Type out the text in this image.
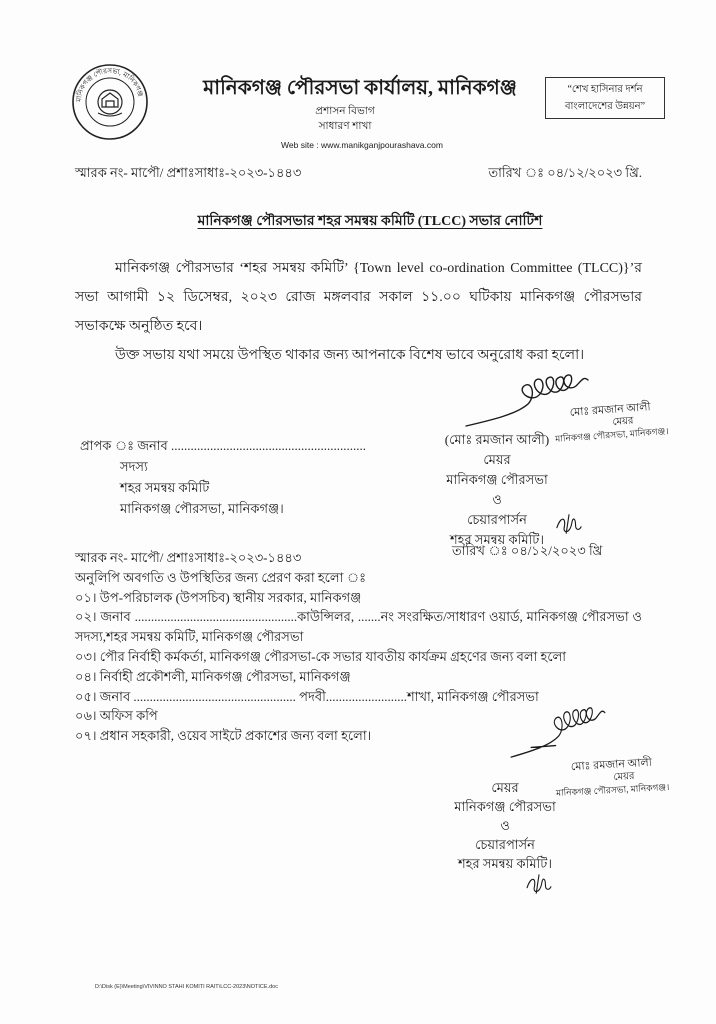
মানিকগঞ্জ পৌরসভা, মানিকগঞ্জ	মানিকগঞ্জ পৌরসভা কার্যালয়, মানিকগঞ্জ
প্রশাসন বিভাগ
সাধারণ শাখা
Web site : www.manikganjpourashava.com
“শেখ হাসিনার দর্শন
বাংলাদেশের উন্নয়ন”
স্মারক নং- মাপৌ/ প্রশাঃসাধাঃ-২০২৩-১৪৪৩	তারিখ ঃ ০৪/১২/২০২৩ খ্রি.
মানিকগঞ্জ পৌরসভার শহর সমন্বয় কমিটি (TLCC) সভার নোটিশ

মানিকগঞ্জ পৌরসভার ‘শহর সমন্বয় কমিটি’ {Town level co-ordination Committee (TLCC)}’র সভা আগামী ১২ ডিসেম্বর, ২০২৩ রোজ মঙ্গলবার সকাল ১১.০০ ঘটিকায় মানিকগঞ্জ পৌরসভার সভাকক্ষে অনুষ্ঠিত হবে।

উক্ত সভায় যথা সময়ে উপস্থিত থাকার জন্য আপনাকে বিশেষ ভাবে অনুরোধ করা হলো।

মোঃ রমজান আলী
মেয়র
মানিকগঞ্জ পৌরসভা, মানিকগঞ্জ।
(মোঃ রমজান আলী)
মেয়র
মানিকগঞ্জ পৌরসভা
ও
চেয়ারপার্সন
শহর সমন্বয় কমিটি।
প্রাপক ঃ জনাব ............................................................
সদস্য
শহর সমন্বয় কমিটি
মানিকগঞ্জ পৌরসভা, মানিকগঞ্জ।
তারিখ ঃ ০৪/১২/২০২৩ খ্রি
স্মারক নং- মাপৌ/ প্রশাঃসাধাঃ-২০২৩-১৪৪৩
অনুলিপি অবগতি ও উপস্থিতির জন্য প্রেরণ করা হলো ঃ
০১। উপ-পরিচালক (উপসচিব) স্থানীয় সরকার, মানিকগঞ্জ
০২। জনাব ..................................................কাউন্সিলর, .......নং সংরক্ষিত/সাধারণ ওয়ার্ড, মানিকগঞ্জ পৌরসভা ও সদস্য,শহর সমন্বয় কমিটি, মানিকগঞ্জ পৌরসভা
০৩। পৌর নির্বাহী কর্মকর্তা, মানিকগঞ্জ পৌরসভা-কে সভার যাবতীয় কার্যক্রম গ্রহণের জন্য বলা হলো
০৪। নির্বাহী প্রকৌশলী, মানিকগঞ্জ পৌরসভা, মানিকগঞ্জ
০৫। জনাব .................................................. পদবী.........................শাখা, মানিকগঞ্জ পৌরসভা
০৬। অফিস কপি
০৭। প্রধান সহকারী, ওয়েব সাইটে প্রকাশের জন্য বলা হলো।
মোঃ রমজান আলী
মেয়র
মানিকগঞ্জ পৌরসভা, মানিকগঞ্জ।
মেয়র
মানিকগঞ্জ পৌরসভা
ও
চেয়ারপার্সন
শহর সমন্বয় কমিটি।
D:\Disk (E)\Meeting\VIVINNO STAHI KOMITI RAIT\LCC-2023\NOTICE.doc
